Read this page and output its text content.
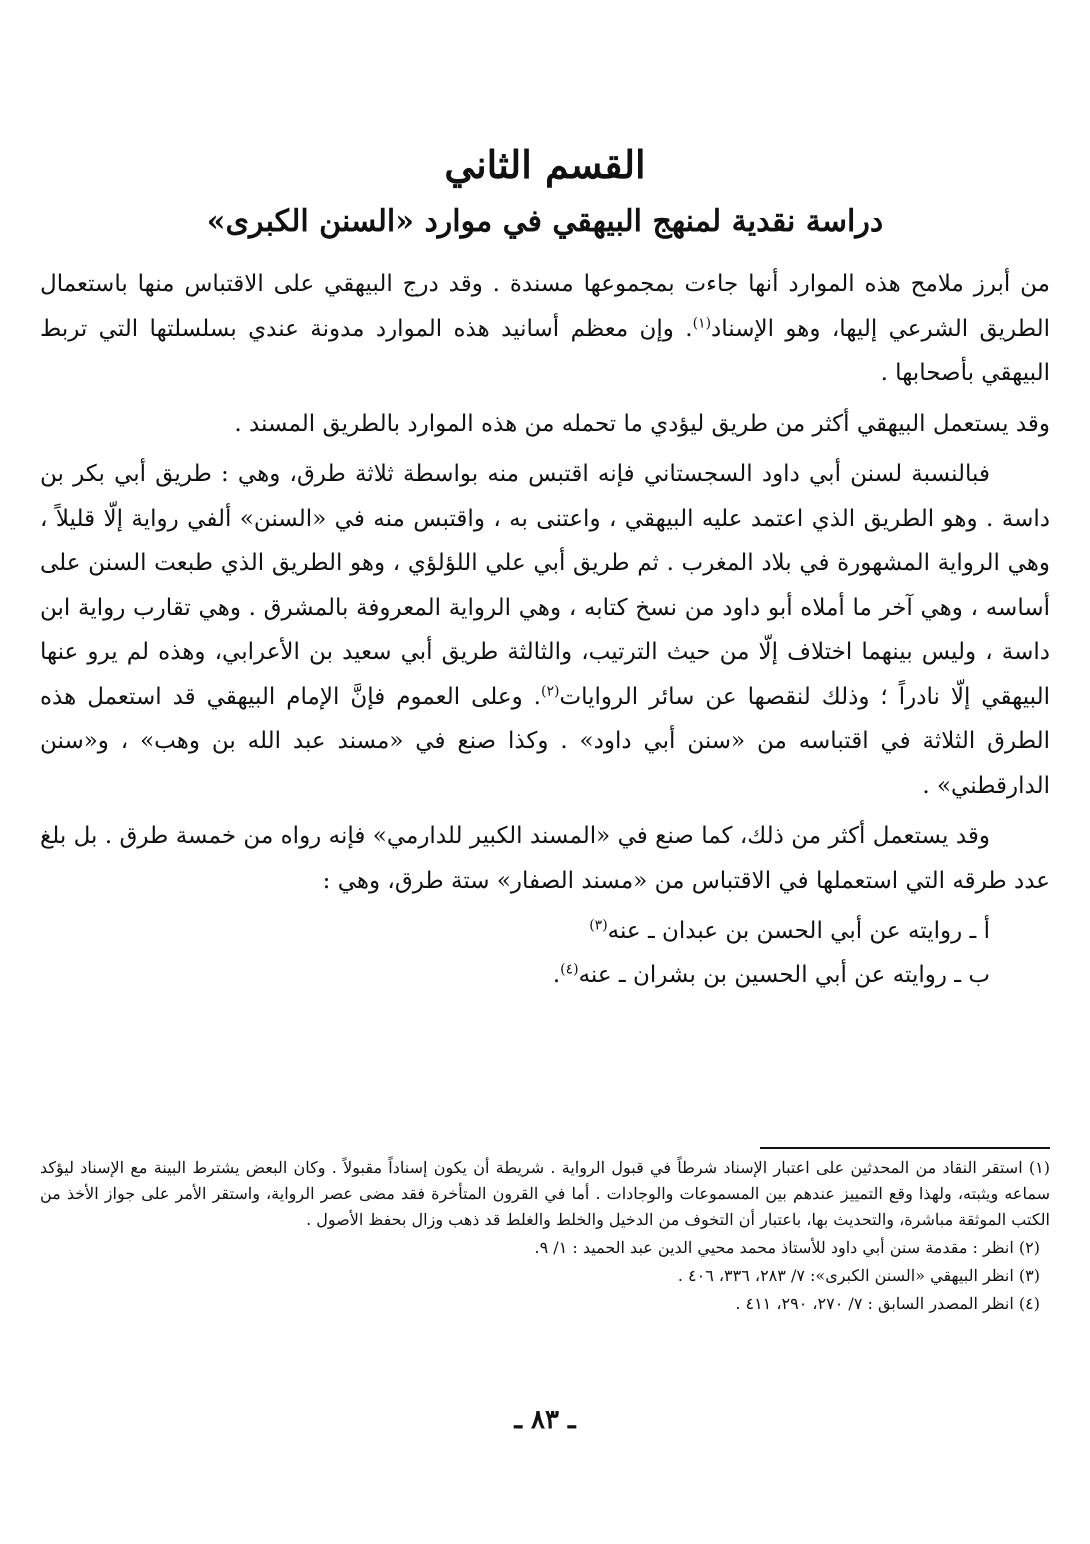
القسم الثاني
دراسة نقدية لمنهج البيهقي في موارد «السنن الكبرى»

من أبرز ملامح هذه الموارد أنها جاءت بمجموعها مسندة . وقد درج البيهقي على الاقتباس منها باستعمال الطريق الشرعي إليها، وهو الإسناد$^{(١)}$. وإن معظم أسانيد هذه الموارد مدونة عندي بسلسلتها التي تربط البيهقي بأصحابها .

وقد يستعمل البيهقي أكثر من طريق ليؤدي ما تحمله من هذه الموارد بالطريق المسند .

فبالنسبة لسنن أبي داود السجستاني فإنه اقتبس منه بواسطة ثلاثة طرق، وهي : طريق أبي بكر بن داسة . وهو الطريق الذي اعتمد عليه البيهقي ، واعتنى به ، واقتبس منه في «السنن» ألفي رواية إلّا قليلاً ، وهي الرواية المشهورة في بلاد المغرب . ثم طريق أبي علي اللؤلؤي ، وهو الطريق الذي طبعت السنن على أساسه ، وهي آخر ما أملاه أبو داود من نسخ كتابه ، وهي الرواية المعروفة بالمشرق . وهي تقارب رواية ابن داسة ، وليس بينهما اختلاف إلّا من حيث الترتيب، والثالثة طريق أبي سعيد بن الأعرابي، وهذه لم يرو عنها البيهقي إلّا نادراً ؛ وذلك لنقصها عن سائر الروايات$^{(٢)}$. وعلى العموم فإنَّ الإمام البيهقي قد استعمل هذه الطرق الثلاثة في اقتباسه من «سنن أبي داود» . وكذا صنع في «مسند عبد الله بن وهب» ، و«سنن الدارقطني» .

وقد يستعمل أكثر من ذلك، كما صنع في «المسند الكبير للدارمي» فإنه رواه من خمسة طرق . بل بلغ عدد طرقه التي استعملها في الاقتباس من «مسند الصفار» ستة طرق، وهي :

أ ـ روايته عن أبي الحسن بن عبدان ـ عنه$^{(٣)}$

ب ـ روايته عن أبي الحسين بن بشران ـ عنه$^{(٤)}$.

(١) استقر النقاد من المحدثين على اعتبار الإسناد شرطاً في قبول الرواية . شريطة أن يكون إسناداً مقبولاً . وكان البعض يشترط البينة مع الإسناد ليؤكد سماعه ويثبته، ولهذا وقع التمييز عندهم بين المسموعات والوجادات . أما في القرون المتأخرة فقد مضى عصر الرواية، واستقر الأمر على جواز الأخذ من الكتب الموثقة مباشرة، والتحديث بها، باعتبار أن التخوف من الدخيل والخلط والغلط قد ذهب وزال بحفظ الأصول .

(٢) انظر : مقدمة سنن أبي داود للأستاذ محمد محيي الدين عبد الحميد : ١/ ٩.

(٣) انظر البيهقي «السنن الكبرى»: ٧/ ٢٨٣، ٣٣٦، ٤٠٦ .

(٤) انظر المصدر السابق : ٧/ ٢٧٠، ٢٩٠، ٤١١ .

ـ ٨٣ ـ
